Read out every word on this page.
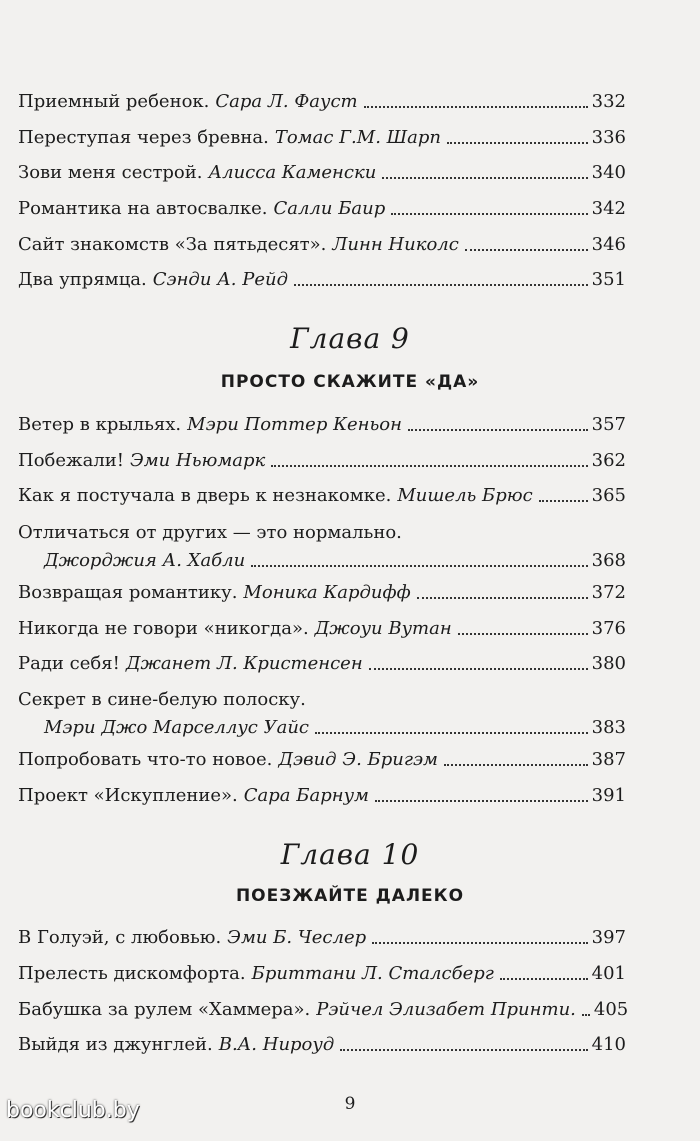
Приемный ребенок. Сара Л. Фауст	332
Переступая через бревна. Томас Г.М. Шарп	336
Зови меня сестрой. Алисса Каменски	340
Романтика на автосвалке. Салли Баир	342
Сайт знакомств «За пятьдесят». Линн Николс	346
Два упрямца. Сэнди А. Рейд	351
Глава 9
ПРОСТО СКАЖИТЕ «ДА»
Ветер в крыльях. Мэри Поттер Кеньон	357
Побежали! Эми Ньюмарк	362
Как я постучала в дверь к незнакомке. Мишель Брюс	365
Отличаться от других — это нормально.
Джорджия А. Хабли	368
Возвращая романтику. Моника Кардифф	372
Никогда не говори «никогда». Джоуи Вутан	376
Ради себя! Джанет Л. Кристенсен	380
Секрет в сине-белую полоску.
Мэри Джо Марселлус Уайс	383
Попробовать что-то новое. Дэвид Э. Бригэм	387
Проект «Искупление». Сара Барнум	391
Глава 10
ПОЕЗЖАЙТЕ ДАЛЕКО
В Голуэй, с любовью. Эми Б. Чеслер	397
Прелесть дискомфорта. Бриттани Л. Сталсберг	401
Бабушка за рулем «Хаммера». Рэйчел Элизабет Принти. 405
Выйдя из джунглей. В.А. Нироуд	410
9
bookclub.by
